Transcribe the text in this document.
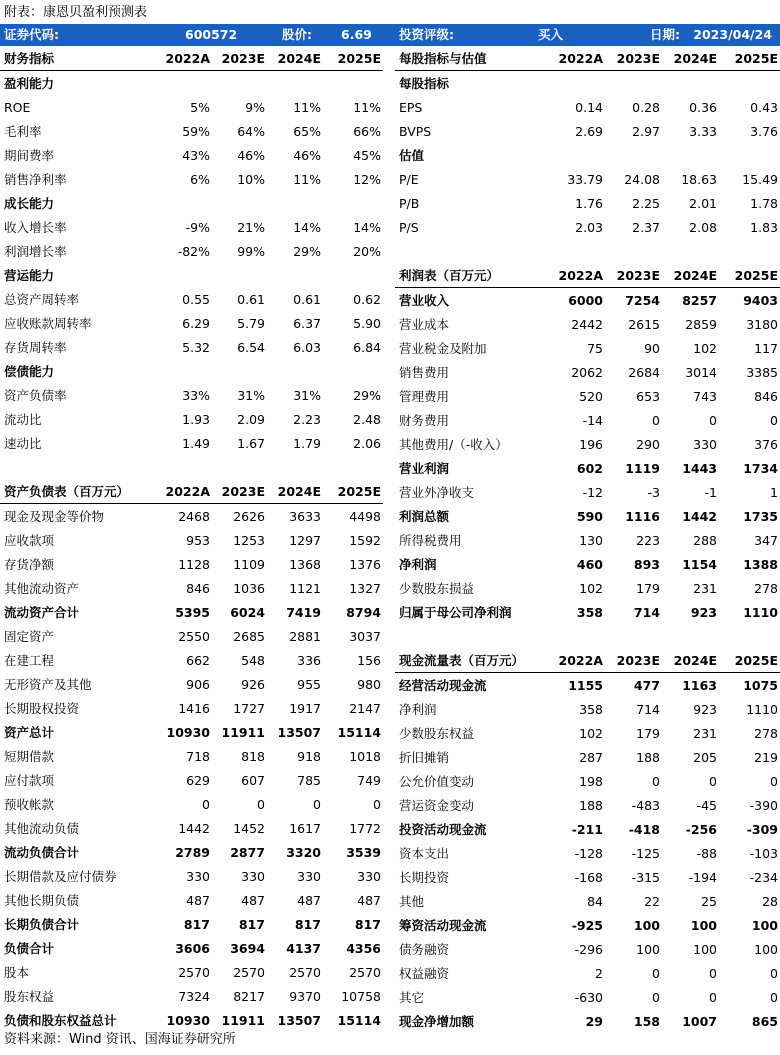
附表：康恩贝盈利预测表
证券代码:	600572	股价: 6.69 投资评级:	买入	日期: 2023/04/24
财务指标	2022A	2023E	2024E	2025E
盈利能力				
ROE	5%	9%	11%	11%
毛利率	59%	64%	65%	66%
期间费率	43%	46%	46%	45%
销售净利率	6%	10%	11%	12%
成长能力				
收入增长率	-9%	21%	14%	14%
利润增长率	-82%	99%	29%	20%
营运能力				
总资产周转率	0.55	0.61	0.61	0.62
应收账款周转率	6.29	5.79	6.37	5.90
存货周转率	5.32	6.54	6.03	6.84
偿债能力				
资产负债率	33%	31%	31%	29%
流动比	1.93	2.09	2.23	2.48
速动比	1.49	1.67	1.79	2.06

资产负债表（百万元）	2022A	2023E	2024E	2025E
现金及现金等价物	2468	2626	3633	4498
应收款项	953	1253	1297	1592
存货净额	1128	1109	1368	1376
其他流动资产	846	1036	1121	1327
流动资产合计	5395	6024	7419	8794
固定资产	2550	2685	2881	3037
在建工程	662	548	336	156
无形资产及其他	906	926	955	980
长期股权投资	1416	1727	1917	2147
资产总计	10930	11911	13507	15114
短期借款	718	818	918	1018
应付款项	629	607	785	749
预收帐款	0	0	0	0
其他流动负债	1442	1452	1617	1772
流动负债合计	2789	2877	3320	3539
长期借款及应付债券	330	330	330	330
其他长期负债	487	487	487	487
长期负债合计	817	817	817	817
负债合计	3606	3694	4137	4356
股本	2570	2570	2570	2570
股东权益	7324	8217	9370	10758
负债和股东权益总计	10930	11911	13507	15114
每股指标与估值	2022A	2023E	2024E	2025E
每股指标				
EPS	0.14	0.28	0.36	0.43
BVPS	2.69	2.97	3.33	3.76
估值				
P/E	33.79	24.08	18.63	15.49
P/B	1.76	2.25	2.01	1.78
P/S	2.03	2.37	2.08	1.83

利润表（百万元）	2022A	2023E	2024E	2025E
营业收入	6000	7254	8257	9403
营业成本	2442	2615	2859	3180
营业税金及附加	75	90	102	117
销售费用	2062	2684	3014	3385
管理费用	520	653	743	846
财务费用	-14	0	0	0
其他费用/（-收入）	196	290	330	376
营业利润	602	1119	1443	1734
营业外净收支	-12	-3	-1	1
利润总额	590	1116	1442	1735
所得税费用	130	223	288	347
净利润	460	893	1154	1388
少数股东损益	102	179	231	278
归属于母公司净利润	358	714	923	1110

现金流量表（百万元）	2022A	2023E	2024E	2025E
经营活动现金流	1155	477	1163	1075
净利润	358	714	923	1110
少数股东权益	102	179	231	278
折旧摊销	287	188	205	219
公允价值变动	198	0	0	0
营运资金变动	188	-483	-45	-390
投资活动现金流	-211	-418	-256	-309
资本支出	-128	-125	-88	-103
长期投资	-168	-315	-194	-234
其他	84	22	25	28
筹资活动现金流	-925	100	100	100
债务融资	-296	100	100	100
权益融资	2	0	0	0
其它	-630	0	0	0
现金净增加额	29	158	1007	865
资料来源：Wind 资讯、国海证券研究所
